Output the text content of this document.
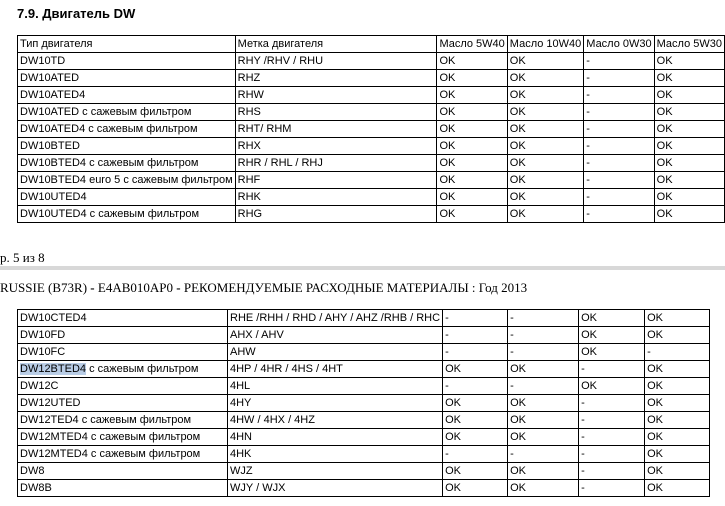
7.9. Двигатель DW
Тип двигателя	Метка двигателя	Масло 5W40	Масло 10W40	Масло 0W30	Масло 5W30
DW10TD	RHY /RHV / RHU	OK	OK	-	OK
DW10ATED	RHZ	OK	OK	-	OK
DW10ATED4	RHW	OK	OK	-	OK
DW10ATED с сажевым фильтром	RHS	OK	OK	-	OK
DW10ATED4 с сажевым фильтром	RHT/ RHM	OK	OK	-	OK
DW10BTED	RHX	OK	OK	-	OK
DW10BTED4 с сажевым фильтром	RHR / RHL / RHJ	OK	OK	-	OK
DW10BTED4 euro 5 с сажевым фильтром	RHF	OK	OK	-	OK
DW10UTED4	RHK	OK	OK	-	OK
DW10UTED4 с сажевым фильтром	RHG	OK	OK	-	OK
р. 5 из 8
RUSSIE (B73R) - E4AB010AP0 - РЕКОМЕНДУЕМЫЕ РАСХОДНЫЕ МАТЕРИАЛЫ : Год 2013
DW10CTED4	RHE /RHH / RHD / AHY / AHZ /RHB / RHC	-	-	OK	OK
DW10FD	AHX / AHV	-	-	OK	OK
DW10FC	AHW	-	-	OK	-
DW12BTED4 с сажевым фильтром	4HP / 4HR / 4HS / 4HT	OK	OK	-	OK
DW12C	4HL	-	-	OK	OK
DW12UTED	4HY	OK	OK	-	OK
DW12TED4 с сажевым фильтром	4HW / 4HX / 4HZ	OK	OK	-	OK
DW12MTED4 с сажевым фильтром	4HN	OK	OK	-	OK
DW12MTED4 с сажевым фильтром	4HK	-	-	-	OK
DW8	WJZ	OK	OK	-	OK
DW8B	WJY / WJX	OK	OK	-	OK
